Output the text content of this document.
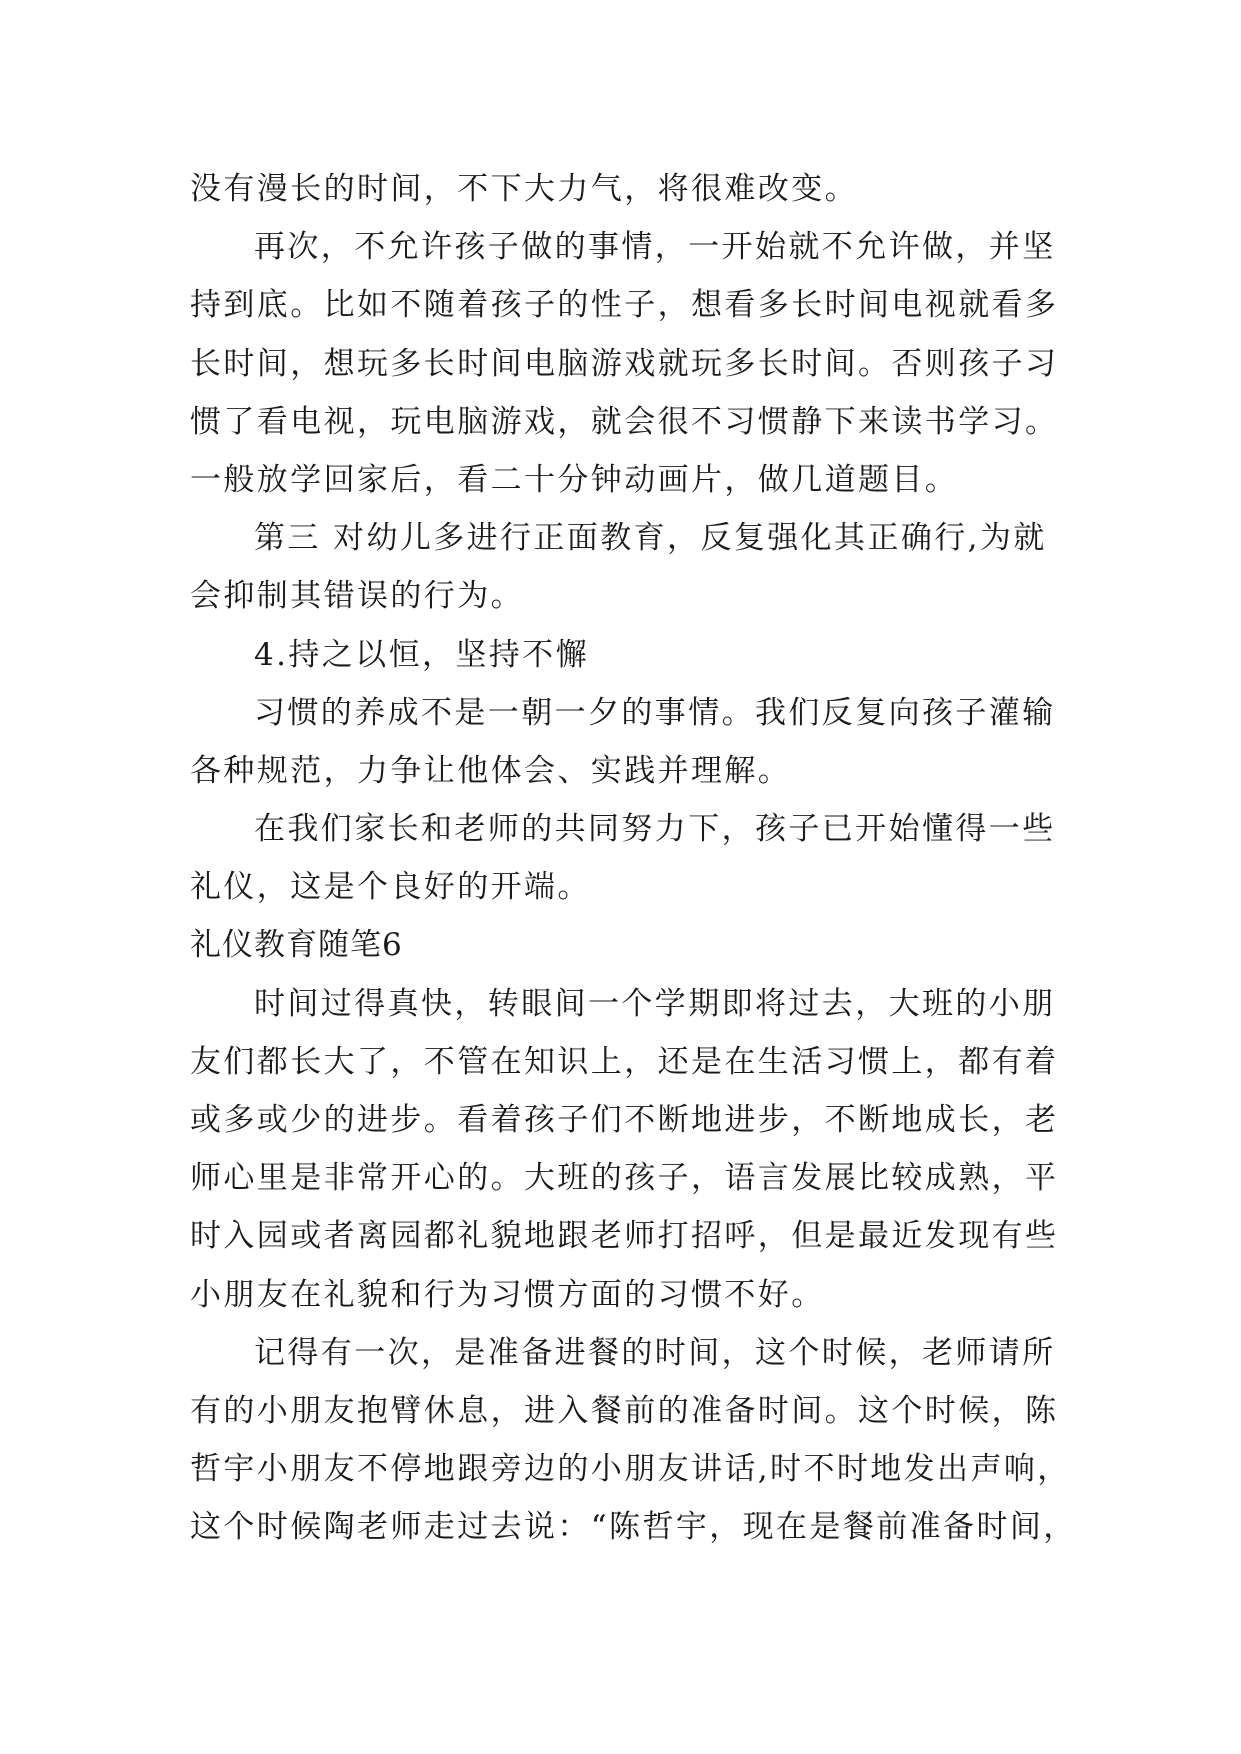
没有漫长的时间，不下大力气，将很难改变。

再次，不允许孩子做的事情，一开始就不允许做，并坚

持到底。比如不随着孩子的性子，想看多长时间电视就看多

长时间，想玩多长时间电脑游戏就玩多长时间。否则孩子习

惯了看电视，玩电脑游戏，就会很不习惯静下来读书学习。

一般放学回家后，看二十分钟动画片，做几道题目。

第三 对幼儿多进行正面教育，反复强化其正确行,为就

会抑制其错误的行为。

4.持之以恒，坚持不懈

习惯的养成不是一朝一夕的事情。我们反复向孩子灌输

各种规范，力争让他体会、实践并理解。

在我们家长和老师的共同努力下，孩子已开始懂得一些

礼仪，这是个良好的开端。

礼仪教育随笔6

时间过得真快，转眼间一个学期即将过去，大班的小朋

友们都长大了，不管在知识上，还是在生活习惯上，都有着

或多或少的进步。看着孩子们不断地进步，不断地成长，老

师心里是非常开心的。大班的孩子，语言发展比较成熟，平

时入园或者离园都礼貌地跟老师打招呼，但是最近发现有些

小朋友在礼貌和行为习惯方面的习惯不好。

记得有一次，是准备进餐的时间，这个时候，老师请所

有的小朋友抱臂休息，进入餐前的准备时间。这个时候，陈

哲宇小朋友不停地跟旁边的小朋友讲话,时不时地发出声响，

这个时候陶老师走过去说：“陈哲宇，现在是餐前准备时间，
